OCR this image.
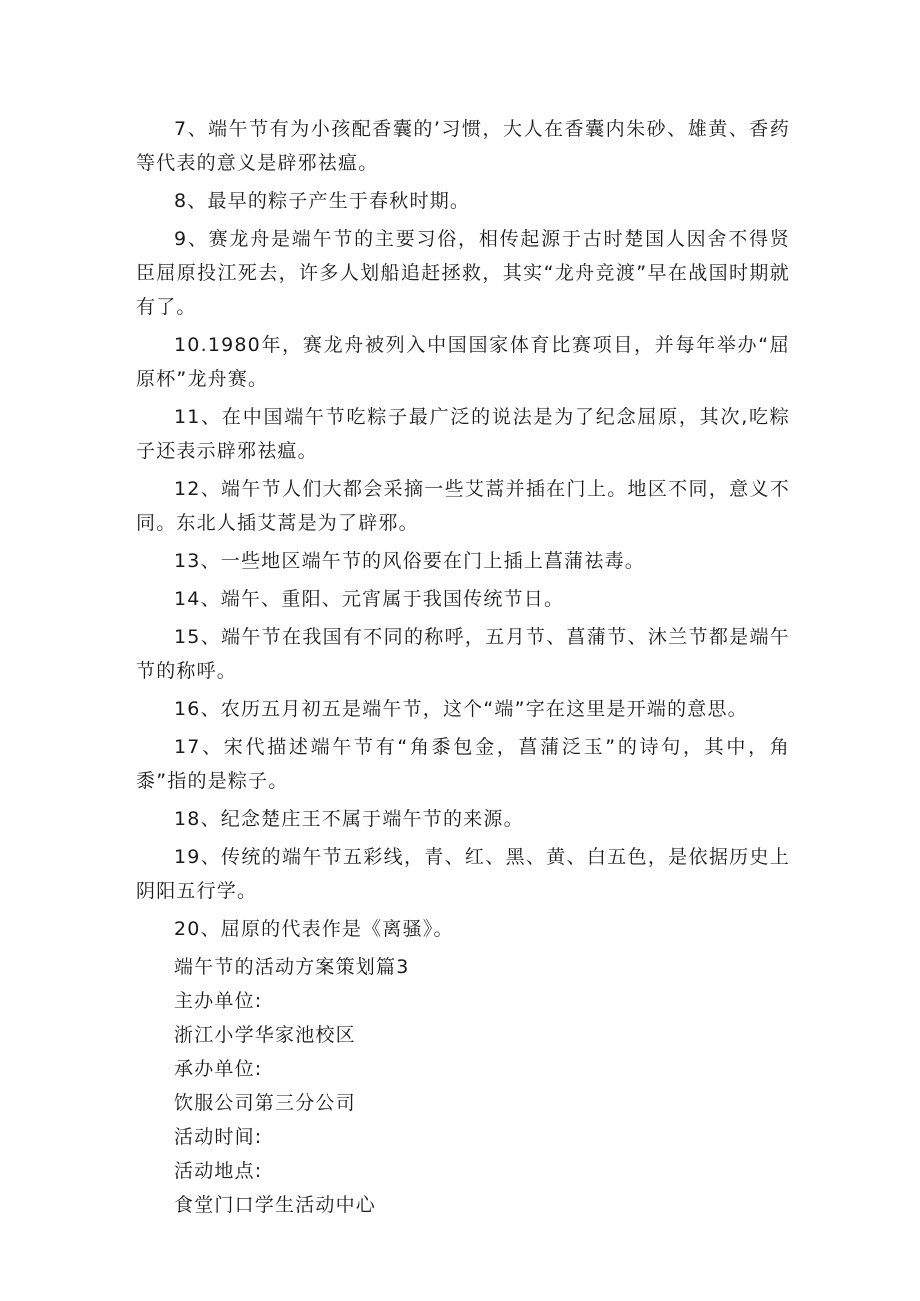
7、端午节有为小孩配香囊的’习惯，大人在香囊内朱砂、雄黄、香药等代表的意义是辟邪祛瘟。

8、最早的粽子产生于春秋时期。

9、赛龙舟是端午节的主要习俗，相传起源于古时楚国人因舍不得贤臣屈原投江死去，许多人划船追赶拯救，其实“龙舟竞渡”早在战国时期就有了。

10.1980年，赛龙舟被列入中国国家体育比赛项目，并每年举办“屈原杯”龙舟赛。

11、在中国端午节吃粽子最广泛的说法是为了纪念屈原，其次,吃粽子还表示辟邪祛瘟。

12、端午节人们大都会采摘一些艾蒿并插在门上。地区不同，意义不同。东北人插艾蒿是为了辟邪。

13、一些地区端午节的风俗要在门上插上菖蒲祛毒。

14、端午、重阳、元宵属于我国传统节日。

15、端午节在我国有不同的称呼，五月节、菖蒲节、沐兰节都是端午节的称呼。

16、农历五月初五是端午节，这个“端”字在这里是开端的意思。

17、宋代描述端午节有“角黍包金，菖蒲泛玉”的诗句，其中，角黍”指的是粽子。

18、纪念楚庄王不属于端午节的来源。

19、传统的端午节五彩线，青、红、黑、黄、白五色，是依据历史上阴阳五行学。

20、屈原的代表作是《离骚》。

端午节的活动方案策划篇3
主办单位:
浙江小学华家池校区
承办单位:
饮服公司第三分公司
活动时间:
活动地点:
食堂门口学生活动中心
